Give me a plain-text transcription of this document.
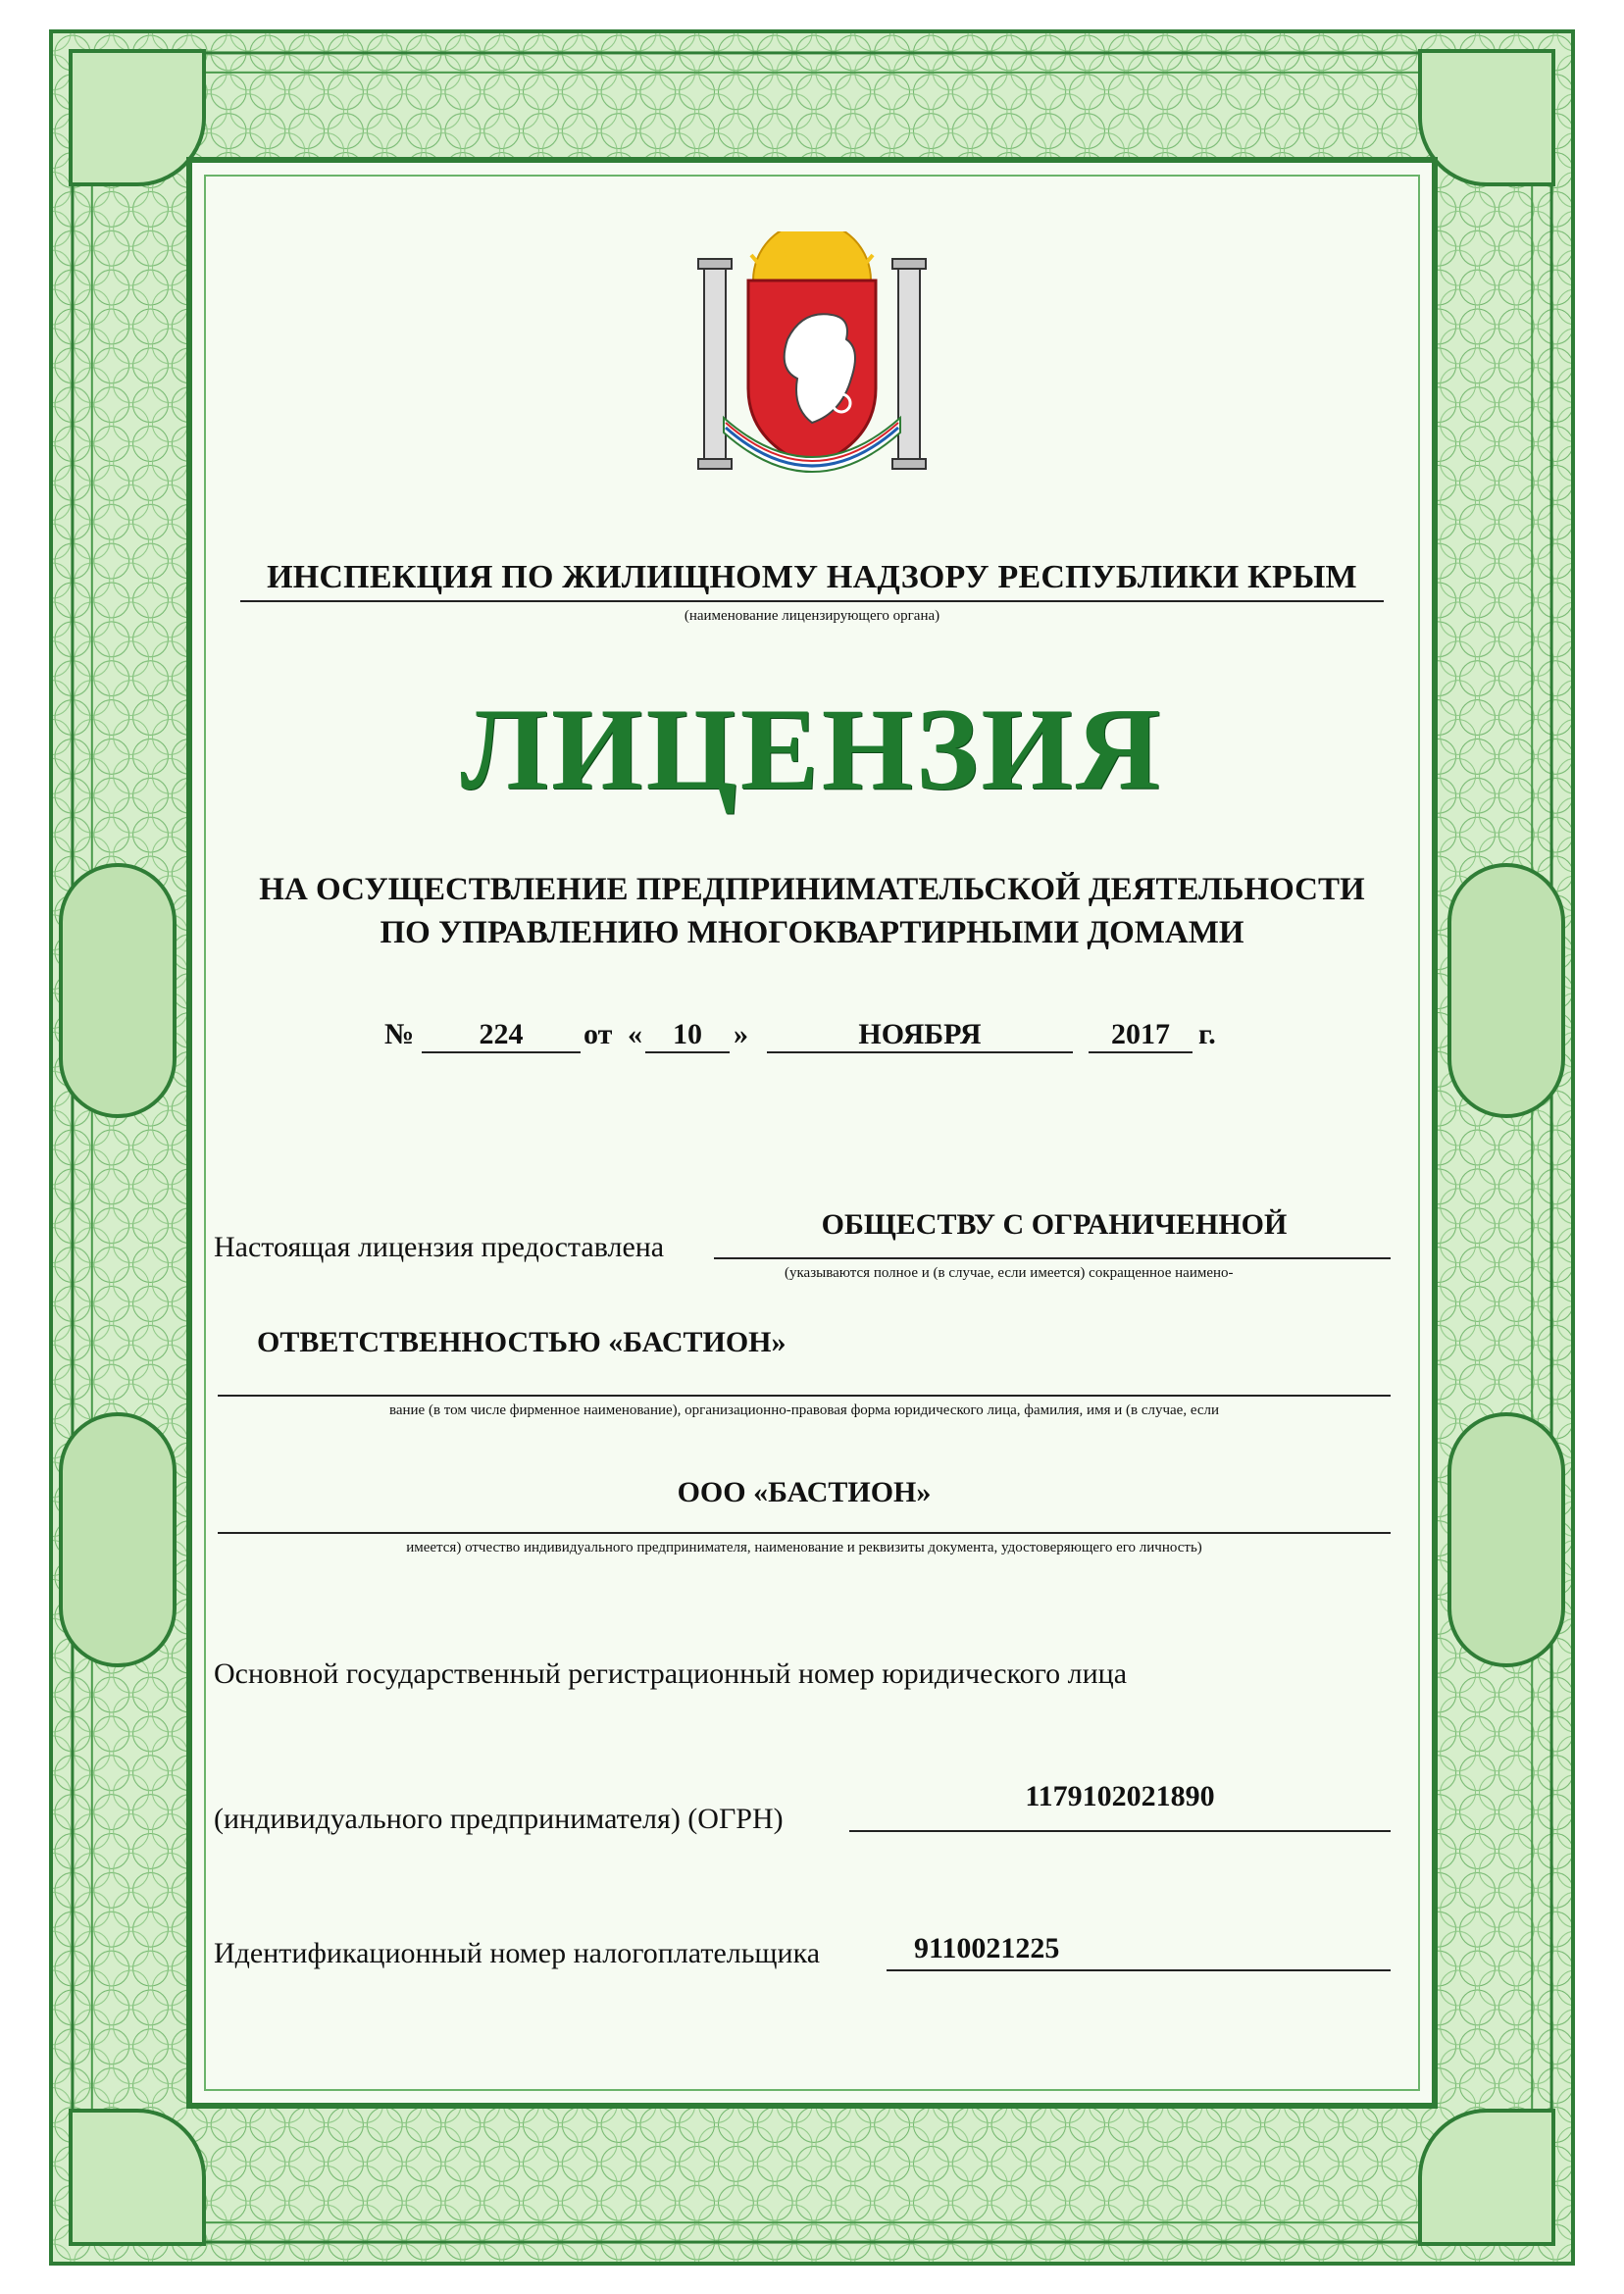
ИНСПЕКЦИЯ ПО ЖИЛИЩНОМУ НАДЗОРУ РЕСПУБЛИКИ КРЫМ
(наименование лицензирующего органа)
ЛИЦЕНЗИЯ
НА ОСУЩЕСТВЛЕНИЕ ПРЕДПРИНИМАТЕЛЬСКОЙ ДЕЯТЕЛЬНОСТИ
ПО УПРАВЛЕНИЮ МНОГОКВАРТИРНЫМИ ДОМАМИ
№	224	от «	10	»	НОЯБРЯ	2017 г.
Настоящая лицензия предоставлена
ОБЩЕСТВУ С ОГРАНИЧЕННОЙ
(указываются полное и (в случае, если имеется) сокращенное наимено-
ОТВЕТСТВЕННОСТЬЮ «БАСТИОН»
вание (в том числе фирменное наименование), организационно-правовая форма юридического лица, фамилия, имя и (в случае, если
ООО «БАСТИОН»
имеется) отчество индивидуального предпринимателя, наименование и реквизиты документа, удостоверяющего его личность)
Основной государственный регистрационный номер юридического лица
(индивидуального предпринимателя) (ОГРН)
1179102021890
Идентификационный номер налогоплательщика	9110021225
